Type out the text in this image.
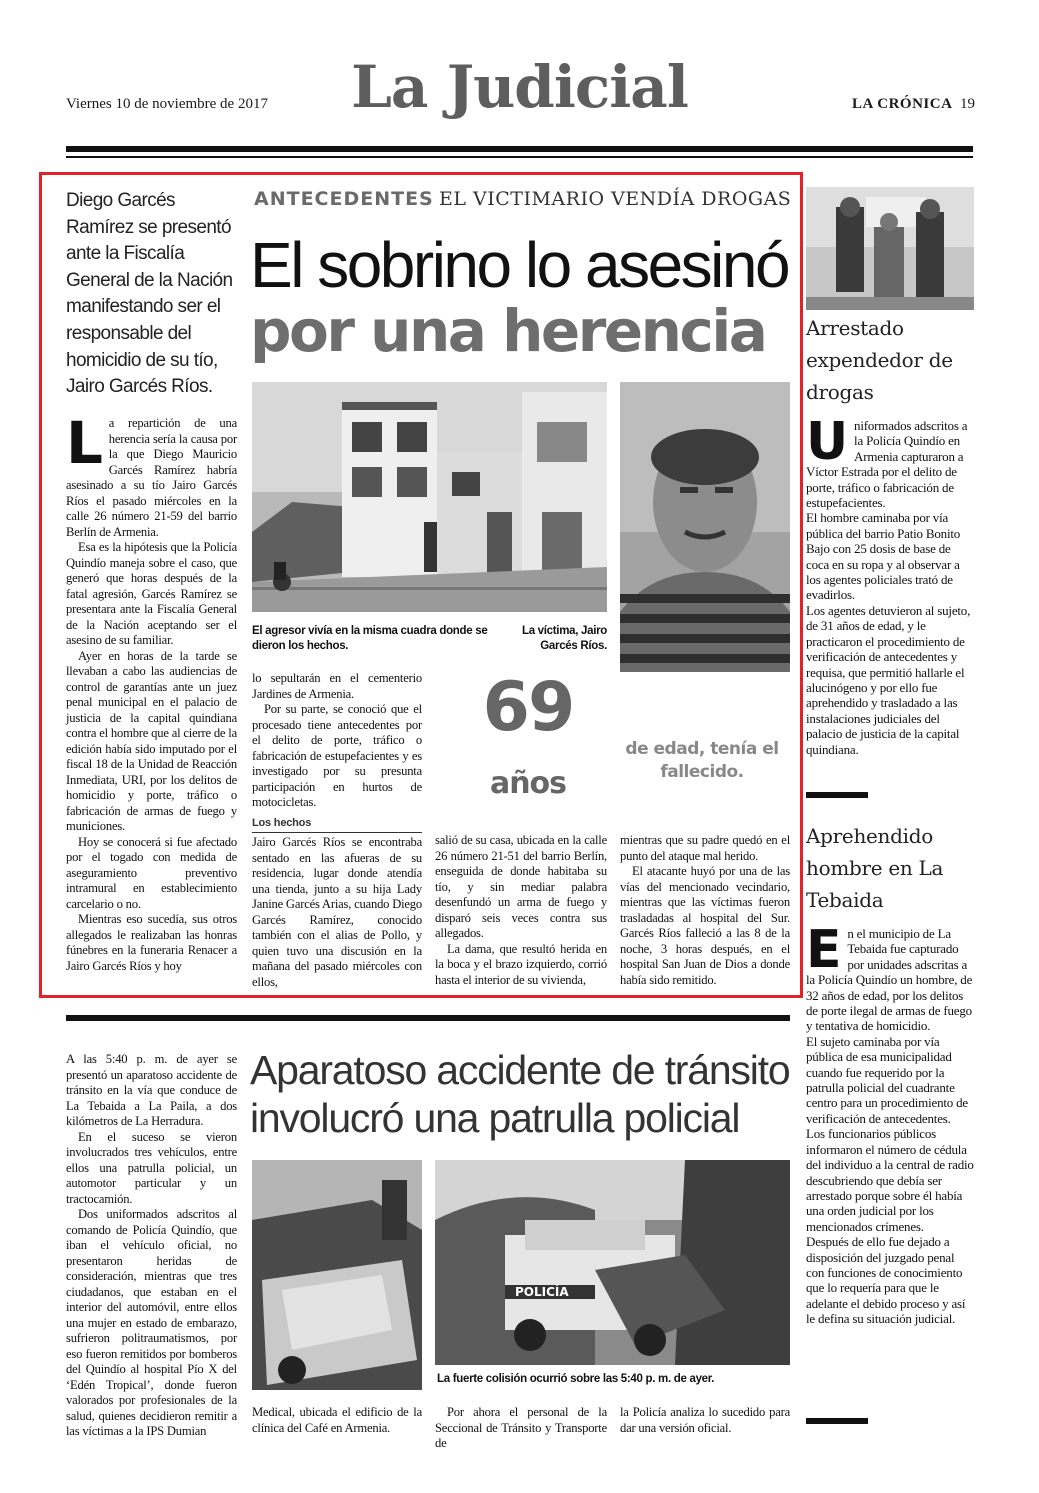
Viernes 10 de noviembre de 2017	La Judicial	LA CRÓNICA 19
Diego Garcés Ramírez se presentó ante la Fiscalía General de la Nación manifestando ser el responsable del homicidio de su tío, Jairo Garcés Ríos.
ANTECEDENTES EL VICTIMARIO VENDÍA DROGAS
El sobrino lo asesinó
por una herencia
El agresor vivía en la misma cuadra donde se dieron los hechos.
La víctima, Jairo Garcés Ríos.

La repartición de una herencia sería la causa por la que Diego Mauricio Garcés Ramírez habría asesinado a su tío Jairo Garcés Ríos el pasado miércoles en la calle 26 número 21-59 del barrio Berlín de Armenia.

Esa es la hipótesis que la Policía Quindío maneja sobre el caso, que generó que horas después de la fatal agresión, Garcés Ramírez se presentara ante la Fiscalía General de la Nación aceptando ser el asesino de su familiar.

Ayer en horas de la tarde se llevaban a cabo las audiencias de control de garantías ante un juez penal municipal en el palacio de justicia de la capital quindiana contra el hombre que al cierre de la edición había sido imputado por el fiscal 18 de la Unidad de Reacción Inmediata, URI, por los delitos de homicidio y porte, tráfico o fabricación de armas de fuego y municiones.

Hoy se conocerá si fue afectado por el togado con medida de aseguramiento preventivo intramural en establecimiento carcelario o no.

Mientras eso sucedía, sus otros allegados le realizaban las honras fúnebres en la funeraria Renacer a Jairo Garcés Ríos y hoy

lo sepultarán en el cementerio Jardines de Armenia.

Por su parte, se conoció que el procesado tiene antecedentes por el delito de porte, tráfico o fabricación de estupefacientes y es investigado por su presunta participación en hurtos de motocicletas.

Los hechos

Jairo Garcés Ríos se encontraba sentado en las afueras de su residencia, lugar donde atendía una tienda, junto a su hija Lady Janine Garcés Arias, cuando Diego Garcés Ramírez, conocido también con el alias de Pollo, y quien tuvo una discusión en la mañana del pasado miércoles con ellos,

69
años
de edad, tenía el fallecido.

salió de su casa, ubicada en la calle 26 número 21-51 del barrio Berlín, enseguida de donde habitaba su tío, y sin mediar palabra desenfundó un arma de fuego y disparó seis veces contra sus allegados.

La dama, que resultó herida en la boca y el brazo izquierdo, corrió hasta el interior de su vivienda,

mientras que su padre quedó en el punto del ataque mal herido.

El atacante huyó por una de las vías del mencionado vecindario, mientras que las víctimas fueron trasladadas al hospital del Sur. Garcés Ríos falleció a las 8 de la noche, 3 horas después, en el hospital San Juan de Dios a donde había sido remitido.

Arrestado expendedor de drogas

Uniformados adscritos a la Policía Quindío en Armenia capturaron a Víctor Estrada por el delito de porte, tráfico o fabricación de estupefacientes.

El hombre caminaba por vía pública del barrio Patio Bonito Bajo con 25 dosis de base de coca en su ropa y al observar a los agentes policiales trató de evadirlos.

Los agentes detuvieron al sujeto, de 31 años de edad, y le practicaron el procedimiento de verificación de antecedentes y requisa, que permitió hallarle el alucinógeno y por ello fue aprehendido y trasladado a las instalaciones judiciales del palacio de justicia de la capital quindiana.

Aprehendido hombre en La Tebaida

En el municipio de La Tebaida fue capturado por unidades adscritas a la Policía Quindío un hombre, de 32 años de edad, por los delitos de porte ilegal de armas de fuego y tentativa de homicidio.

El sujeto caminaba por vía pública de esa municipalidad cuando fue requerido por la patrulla policial del cuadrante centro para un procedimiento de verificación de antecedentes.

Los funcionarios públicos informaron el número de cédula del individuo a la central de radio descubriendo que debía ser arrestado porque sobre él había una orden judicial por los mencionados crímenes.

Después de ello fue dejado a disposición del juzgado penal con funciones de conocimiento que lo requería para que le adelante el debido proceso y así le defina su situación judicial.

Aparatoso accidente de tránsito involucró una patrulla policial

A las 5:40 p. m. de ayer se presentó un aparatoso accidente de tránsito en la vía que conduce de La Tebaida a La Paila, a dos kilómetros de La Herradura.

En el suceso se vieron involucrados tres vehículos, entre ellos una patrulla policial, un automotor particular y un tractocamión.

Dos uniformados adscritos al comando de Policía Quindío, que iban el vehículo oficial, no presentaron heridas de consideración, mientras que tres ciudadanos, que estaban en el interior del automóvil, entre ellos una mujer en estado de embarazo, sufrieron politraumatismos, por eso fueron remitidos por bomberos del Quindío al hospital Pío X del ‘Edén Tropical’, donde fueron valorados por profesionales de la salud, quienes decidieron remitir a las víctimas a la IPS Dumian

POLICÍA
La fuerte colisión ocurrió sobre las 5:40 p. m. de ayer.

Medical, ubicada el edificio de la clínica del Café en Armenia.

Por ahora el personal de la Seccional de Tránsito y Transporte de

la Policía analiza lo sucedido para dar una versión oficial.
